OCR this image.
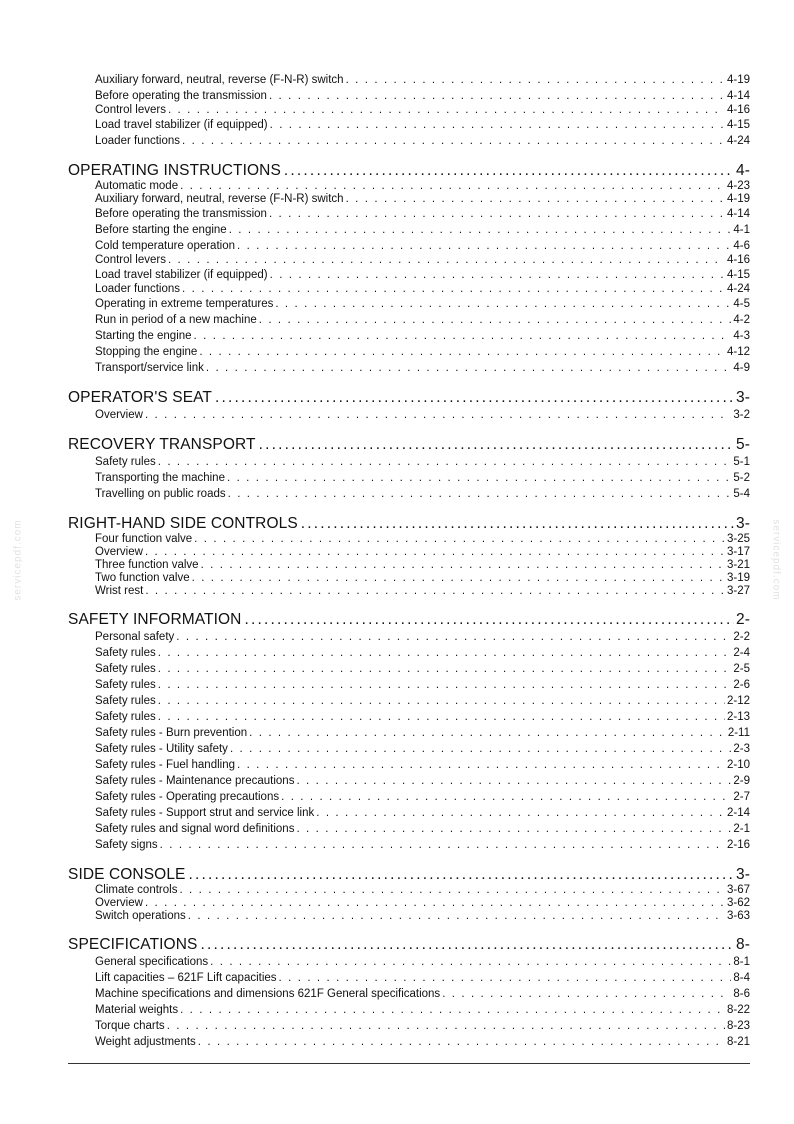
Auxiliary forward, neutral, reverse (F-N-R) switch . . .	4-19
Before operating the transmission . . .	4-14
Control levers . . .	4-16
Load travel stabilizer (if equipped) . . .	4-15
Loader functions . . .	4-24
OPERATING INSTRUCTIONS .....	4-
Automatic mode . . .	4-23
Auxiliary forward, neutral, reverse (F-N-R) switch . . .	4-19
Before operating the transmission . . .	4-14
Before starting the engine . . .	4-1
Cold temperature operation . . .	4-6
Control levers . . .	4-16
Load travel stabilizer (if equipped) . . .	4-15
Loader functions . . .	4-24
Operating in extreme temperatures . . .	4-5
Run in period of a new machine . . .	4-2
Starting the engine . . .	4-3
Stopping the engine . . .	4-12
Transport/service link . . .	4-9
OPERATOR'S SEAT .....	3-
Overview . . .	3-2
RECOVERY TRANSPORT .....	5-
Safety rules . . .	5-1
Transporting the machine . . .	5-2
Travelling on public roads . . .	5-4
RIGHT-HAND SIDE CONTROLS .....	3-
Four function valve . . .	3-25
Overview . . .	3-17
Three function valve . . .	3-21
Two function valve . . .	3-19
Wrist rest . . .	3-27
SAFETY INFORMATION .....	2-
Personal safety . . .	2-2
Safety rules . . .	2-4
Safety rules . . .	2-5
Safety rules . . .	2-6
Safety rules . . .	2-12
Safety rules . . .	2-13
Safety rules - Burn prevention . . .	2-11
Safety rules - Utility safety . . .	2-3
Safety rules - Fuel handling . . .	2-10
Safety rules - Maintenance precautions . . .	2-9
Safety rules - Operating precautions . . .	2-7
Safety rules - Support strut and service link . . .	2-14
Safety rules and signal word definitions . . .	2-1
Safety signs . . .	2-16
SIDE CONSOLE .....	3-
Climate controls . . .	3-67
Overview . . .	3-62
Switch operations . . .	3-63
SPECIFICATIONS .....	8-
General specifications . . .	8-1
Lift capacities – 621F Lift capacities . . .	8-4
Machine specifications and dimensions 621F General specifications . . .	8-6
Material weights . . .	8-22
Torque charts . . .	8-23
Weight adjustments . . .	8-21
servicepdf.com	servicepdf.com
